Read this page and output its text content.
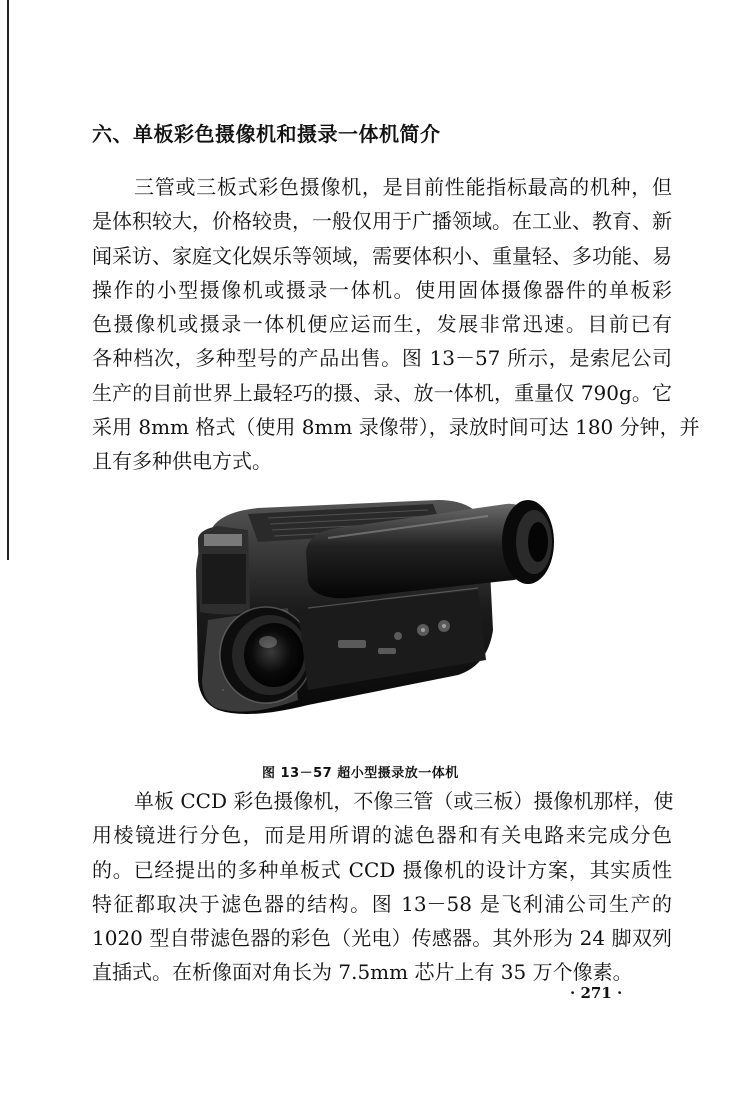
六、单板彩色摄像机和摄录一体机简介
三管或三板式彩色摄像机，是目前性能指标最高的机种，但
是体积较大，价格较贵，一般仅用于广播领域。在工业、教育、新
闻采访、家庭文化娱乐等领域，需要体积小、重量轻、多功能、易
操作的小型摄像机或摄录一体机。使用固体摄像器件的单板彩
色摄像机或摄录一体机便应运而生，发展非常迅速。目前已有
各种档次，多种型号的产品出售。图 13－57 所示，是索尼公司
生产的目前世界上最轻巧的摄、录、放一体机，重量仅 790g。它
采用 8mm 格式（使用 8mm 录像带），录放时间可达 180 分钟，并
且有多种供电方式。
图 13－57 超小型摄录放一体机
单板 CCD 彩色摄像机，不像三管（或三板）摄像机那样，使
用棱镜进行分色，而是用所谓的滤色器和有关电路来完成分色
的。已经提出的多种单板式 CCD 摄像机的设计方案，其实质性
特征都取决于滤色器的结构。图 13－58 是飞利浦公司生产的
1020 型自带滤色器的彩色（光电）传感器。其外形为 24 脚双列
直插式。在析像面对角长为 7.5mm 芯片上有 35 万个像素。
· 271 ·
